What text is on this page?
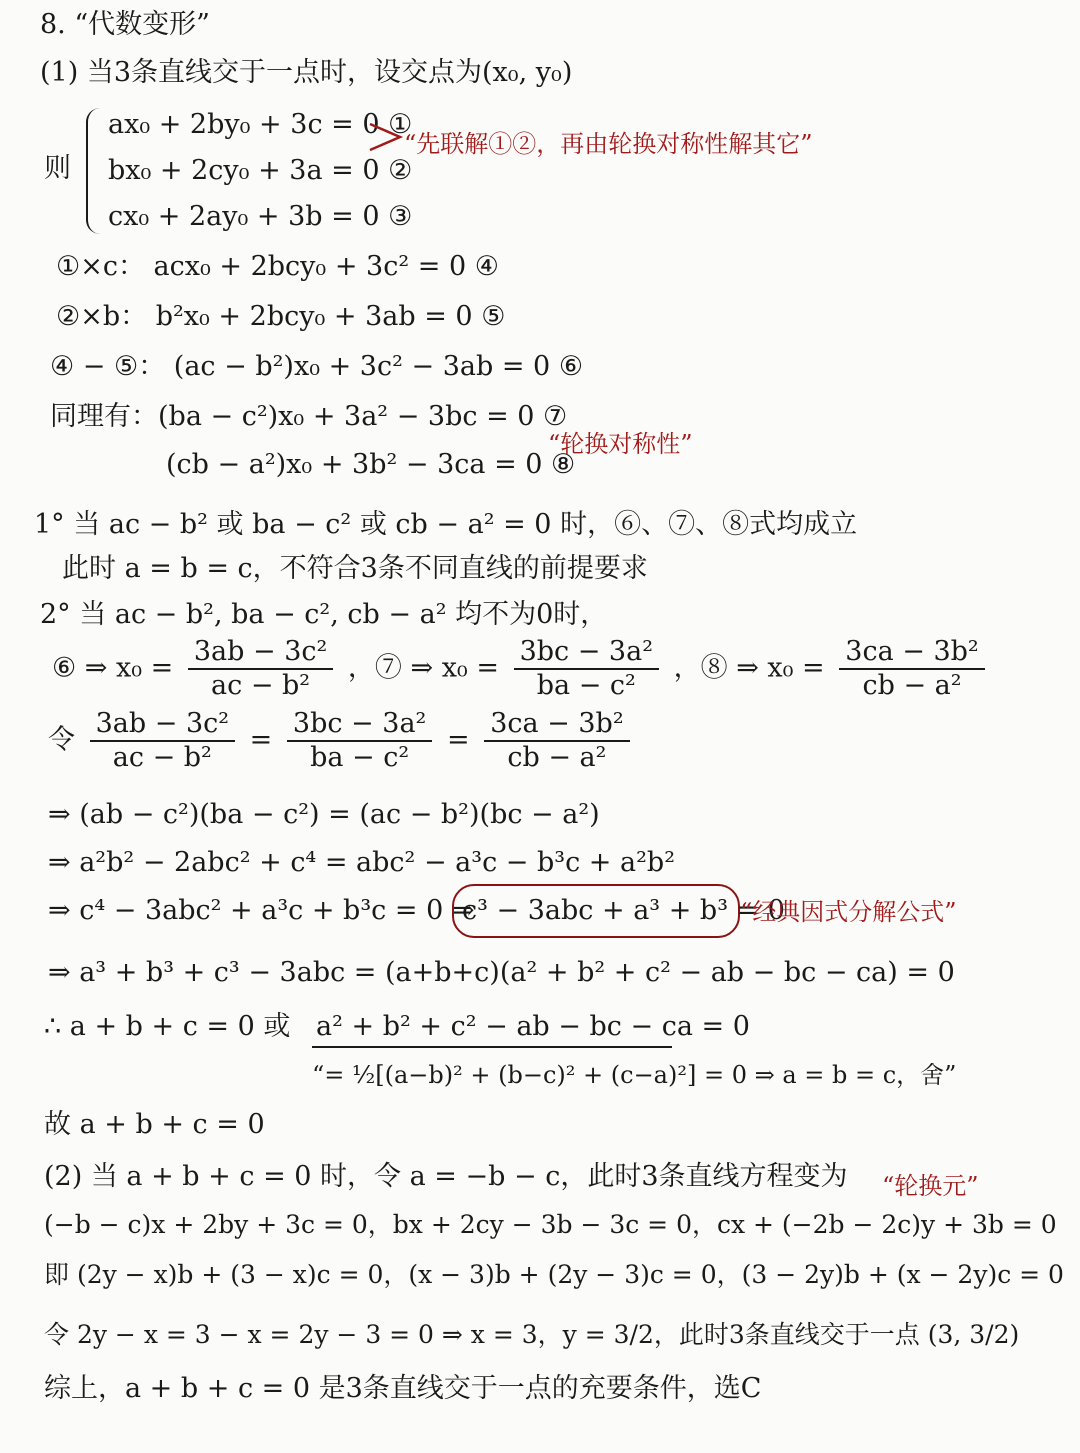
8. “代数变形”
(1) 当3条直线交于一点时，设交点为(x₀, y₀)
则
ax₀ + 2by₀ + 3c = 0 ①
bx₀ + 2cy₀ + 3a = 0 ②
cx₀ + 2ay₀ + 3b = 0 ③
“先联解①②，再由轮换对称性解其它”
①×c： acx₀ + 2bcy₀ + 3c² = 0 ④
②×b： b²x₀ + 2bcy₀ + 3ab = 0 ⑤
④ − ⑤： (ac − b²)x₀ + 3c² − 3ab = 0 ⑥
同理有：(ba − c²)x₀ + 3a² − 3bc = 0 ⑦
(cb − a²)x₀ + 3b² − 3ca = 0 ⑧
“轮换对称性”
1° 当 ac − b² 或 ba − c² 或 cb − a² = 0 时，⑥、⑦、⑧式均成立
此时 a = b = c，不符合3条不同直线的前提要求
2° 当 ac − b², ba − c², cb − a² 均不为0时，
⑥ ⇒ $x_0 = \frac{\text{3ab − 3c²}}{\text{ac − b²}}$ ，⑦ ⇒ $x_0 = \frac{\text{3bc − 3a²}}{\text{ba − c²}}$ ，⑧ ⇒ $x_0 = \frac{\text{3ca − 3b²}}{\text{cb − a²}}$
令 $\frac{\text{3ab − 3c²}}{\text{ac − b²}} = \frac{\text{3bc − 3a²}}{\text{ba − c²}} = \frac{\text{3ca − 3b²}}{\text{cb − a²}}$
⇒ (ab − c²)(ba − c²) = (ac − b²)(bc − a²)
⇒ a²b² − 2abc² + c⁴ = abc² − a³c − b³c + a²b²
⇒ c⁴ − 3abc² + a³c + b³c = 0 ⇒
c³ − 3abc + a³ + b³ = 0
“经典因式分解公式”
⇒ a³ + b³ + c³ − 3abc = (a+b+c)(a² + b² + c² − ab − bc − ca) = 0
∴ a + b + c = 0 或 a² + b² + c² − ab − bc − ca = 0
“= ½[(a−b)² + (b−c)² + (c−a)²] = 0 ⇒ a = b = c，舍”
故 a + b + c = 0
(2) 当 a + b + c = 0 时，令 a = −b − c，此时3条直线方程变为 “轮换元”
(−b − c)x + 2by + 3c = 0，bx + 2cy − 3b − 3c = 0，cx + (−2b − 2c)y + 3b = 0
即 (2y − x)b + (3 − x)c = 0，(x − 3)b + (2y − 3)c = 0，(3 − 2y)b + (x − 2y)c = 0
令 2y − x = 3 − x = 2y − 3 = 0 ⇒ x = 3，y = 3/2，此时3条直线交于一点 (3, 3/2)
综上，a + b + c = 0 是3条直线交于一点的充要条件，选C
